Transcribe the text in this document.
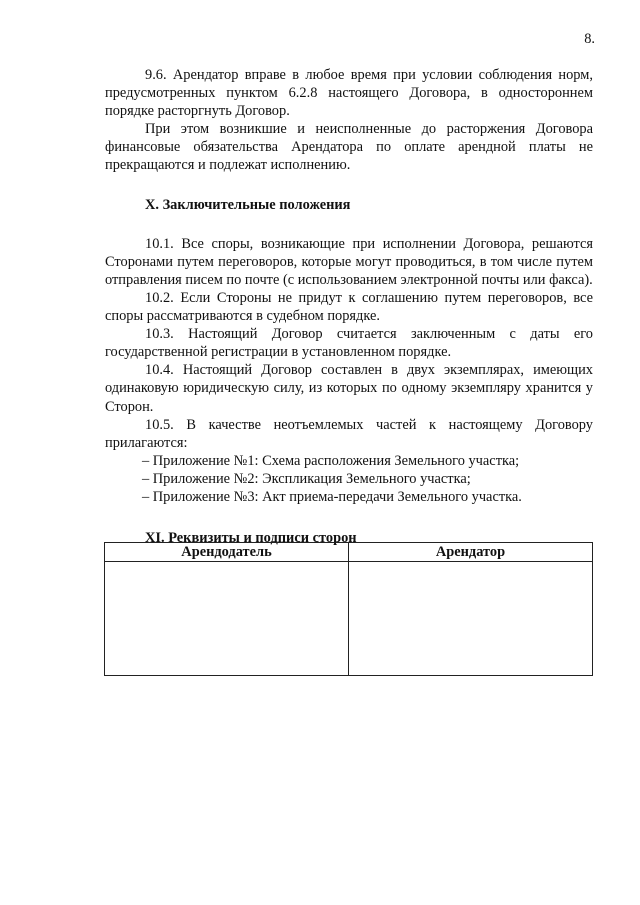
8.

9.6. Арендатор вправе в любое время при условии соблюдения норм, предусмотренных пунктом 6.2.8 настоящего Договора, в одностороннем порядке расторгнуть Договор.

При этом возникшие и неисполненные до расторжения Договора финансовые обязательства Арендатора по оплате арендной платы не прекращаются и подлежат исполнению.

X. Заключительные положения

10.1. Все споры, возникающие при исполнении Договора, решаются Сторонами путем переговоров, которые могут проводиться, в том числе путем отправления писем по почте (с использованием электронной почты или факса).

10.2. Если Стороны не придут к соглашению путем переговоров, все споры рассматриваются в судебном порядке.

10.3. Настоящий Договор считается заключенным с даты его государственной регистрации в установленном порядке.

10.4. Настоящий Договор составлен в двух экземплярах, имеющих одинаковую юридическую силу, из которых по одному экземпляру хранится у Сторон.

10.5. В качестве неотъемлемых частей к настоящему Договору прилагаются:

– Приложение №1: Схема расположения Земельного участка;

– Приложение №2: Экспликация Земельного участка;

– Приложение №3: Акт приема-передачи Земельного участка.

XI. Реквизиты и подписи сторон

Арендодатель	Арендатор
